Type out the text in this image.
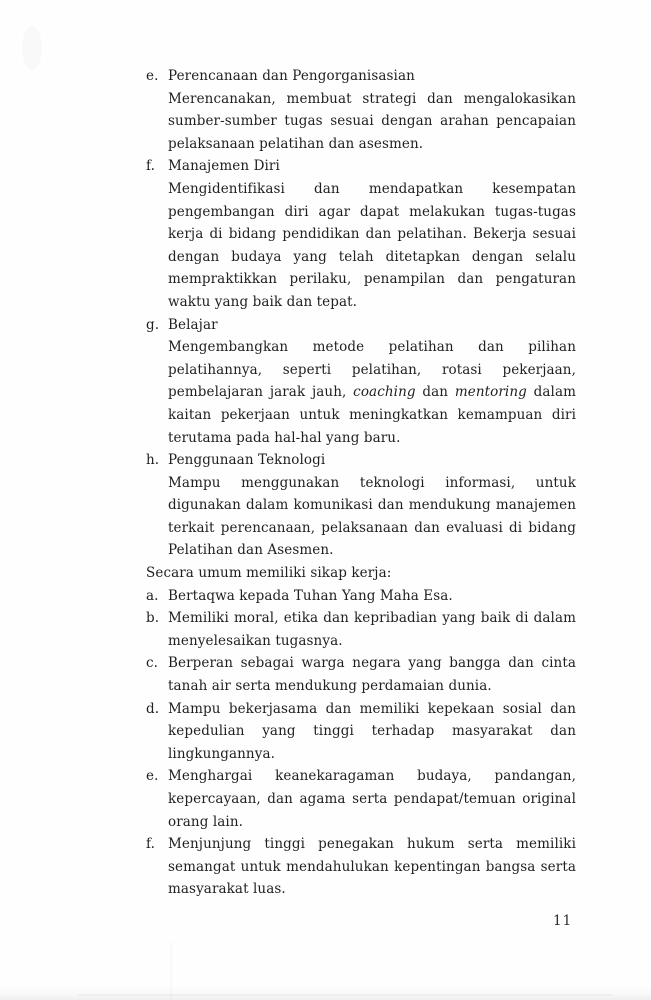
e. Perencanaan dan Pengorganisasian
Merencanakan, membuat strategi dan mengalokasikan sumber-sumber tugas sesuai dengan arahan pencapaian pelaksanaan pelatihan dan asesmen.
f. Manajemen Diri
Mengidentifikasi dan mendapatkan kesempatan pengembangan diri agar dapat melakukan tugas-tugas kerja di bidang pendidikan dan pelatihan. Bekerja sesuai dengan budaya yang telah ditetapkan dengan selalu mempraktikkan perilaku, penampilan dan pengaturan waktu yang baik dan tepat.
g. Belajar
Mengembangkan metode pelatihan dan pilihan pelatihannya, seperti pelatihan, rotasi pekerjaan, pembelajaran jarak jauh, coaching dan mentoring dalam kaitan pekerjaan untuk meningkatkan kemampuan diri terutama pada hal-hal yang baru.
h. Penggunaan Teknologi
Mampu menggunakan teknologi informasi, untuk digunakan dalam komunikasi dan mendukung manajemen terkait perencanaan, pelaksanaan dan evaluasi di bidang Pelatihan dan Asesmen.
Secara umum memiliki sikap kerja:
a. Bertaqwa kepada Tuhan Yang Maha Esa.
b. Memiliki moral, etika dan kepribadian yang baik di dalam menyelesaikan tugasnya.
c. Berperan sebagai warga negara yang bangga dan cinta tanah air serta mendukung perdamaian dunia.
d. Mampu bekerjasama dan memiliki kepekaan sosial dan kepedulian yang tinggi terhadap masyarakat dan lingkungannya.
e. Menghargai keanekaragaman budaya, pandangan, kepercayaan, dan agama serta pendapat/temuan original orang lain.
f. Menjunjung tinggi penegakan hukum serta memiliki semangat untuk mendahulukan kepentingan bangsa serta masyarakat luas.
11
